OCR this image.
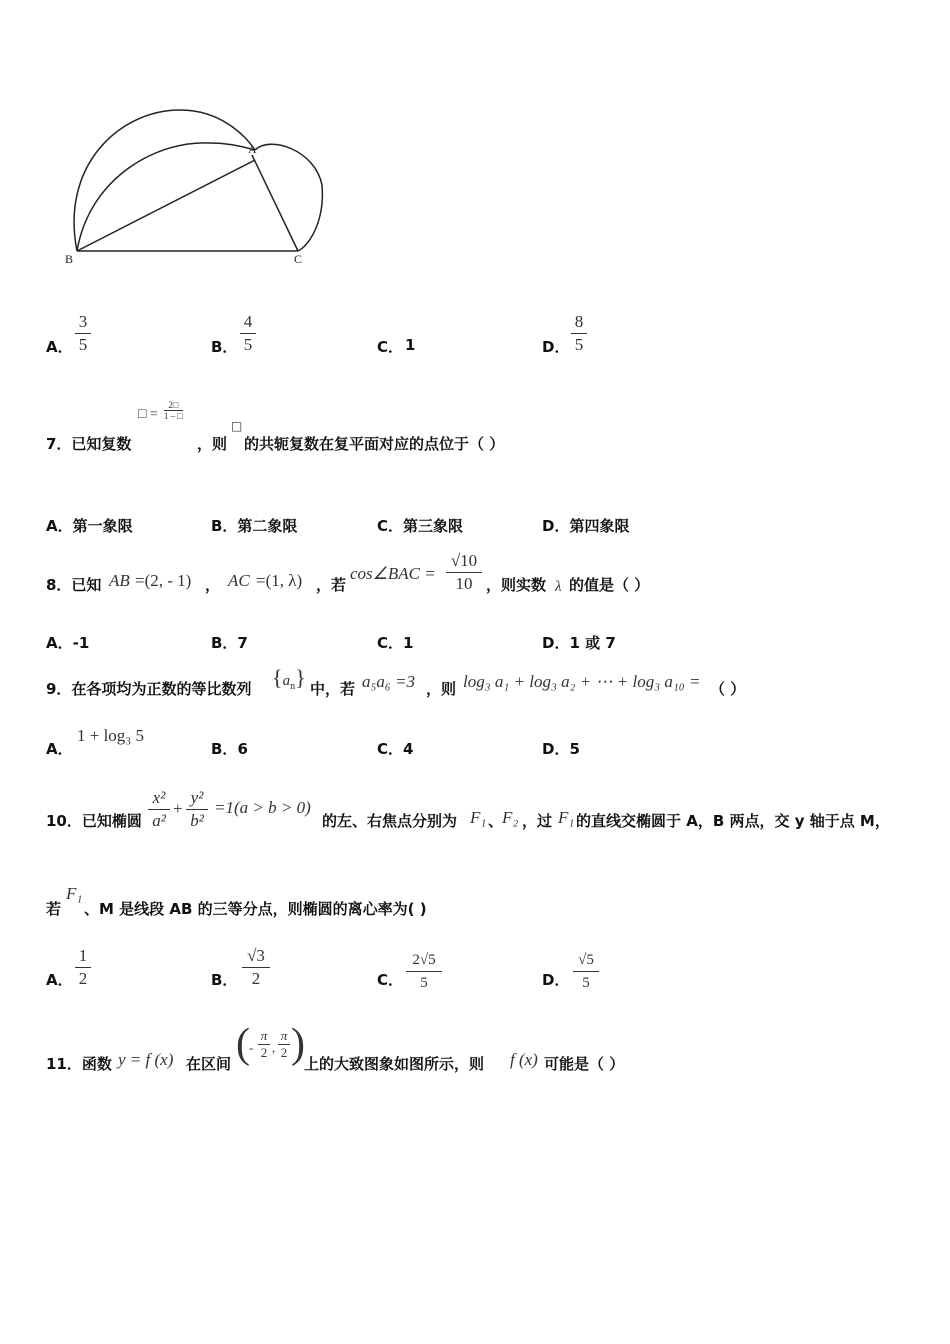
A
B	C
A．
3
5	B．
4
5	C． 1	D．
8
5
7．已知复数
□ = $\frac{2□}{1 - □}$
，则
□
的共轭复数在复平面对应的点位于（ ）
A．第一象限	B．第二象限	C．第三象限	D．第四象限
8．已知 AB =(2, - 1) ， AC =(1, λ) ，若
cos∠BAC =
√10
10 ，则实数 λ 的值是（ ）
A．-1	B．7	C．1	D．1 或 7
9．在各项均为正数的等比数列 $\{a_n\}$ 中，若 a₅a₆ =3 ，则 log₃ a₁ + log₃ a₂ + ⋯ + log₃ a₁₀ = （ ）
A．
1 + log₃ 5
B．6	C．4	D．5
10．已知椭圆
x²
a²
+
y²
b²
=1(a > b > 0)
的左、右焦点分别为 F₁ 、
F₂ ，过 F₁ 的直线交椭圆于 A，B 两点，交 y 轴于点 M，
若
F₁
、M 是线段 AB 的三等分点，则椭圆的离心率为( )
A．
1
2	B．
√3
2	C．
2√5
5	D．
√5
5
11．函数 y = f (x) 在区间 ( -
π
2 ,
π
2 ) 上的大致图象如图所示，则 f (x) 可能是（ ）
